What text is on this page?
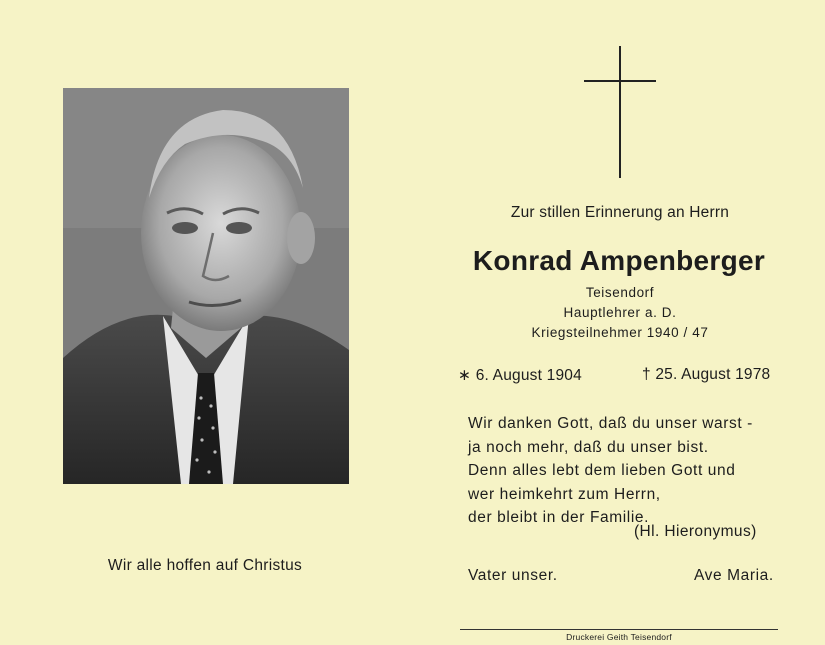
Wir alle hoffen auf Christus
Zur stillen Erinnerung an Herrn
Konrad Ampenberger
Teisendorf
Hauptlehrer a. D.
Kriegsteilnehmer 1940 / 47
∗ 6. August 1904	† 25. August 1978
Wir danken Gott, daß du unser warst -
ja noch mehr, daß du unser bist.
Denn alles lebt dem lieben Gott und
wer heimkehrt zum Herrn,
der bleibt in der Familie.
(Hl. Hieronymus)
Vater unser.	Ave Maria.
Druckerei Geith Teisendorf
